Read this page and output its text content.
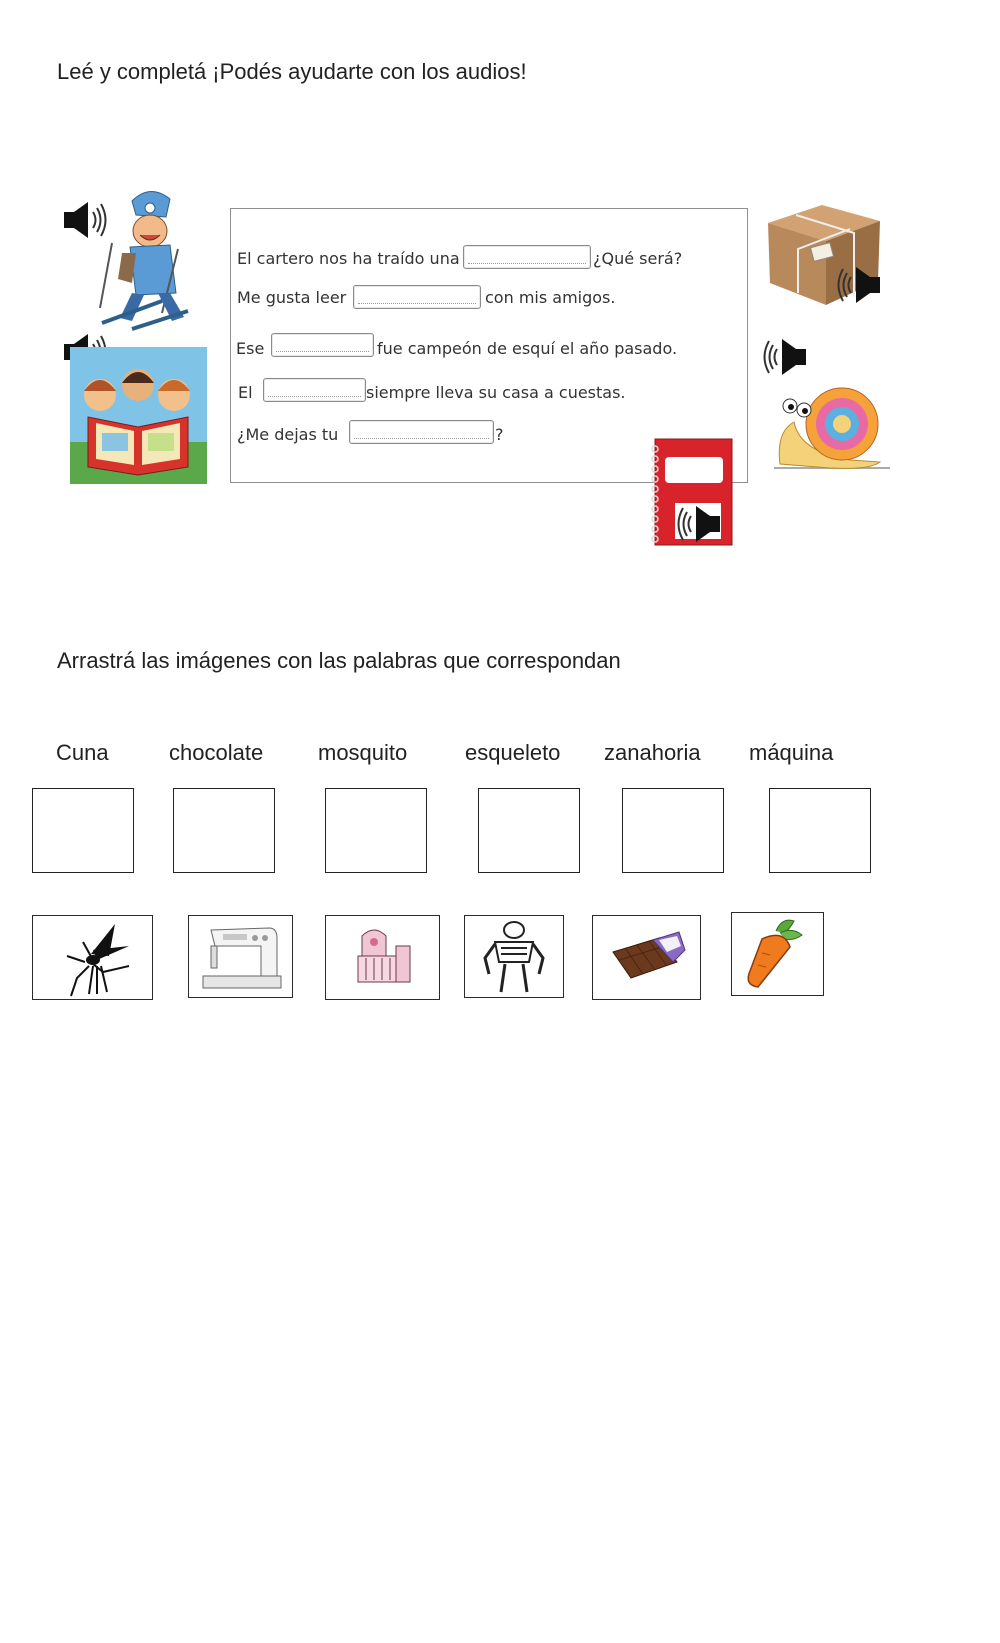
Leé y completá ¡Podés ayudarte con los audios!
El cartero nos ha traído una	¿Qué será?
Me gusta leer	con mis amigos.
Ese	fue campeón de esquí el año pasado.
El	siempre lleva su casa a cuestas.
¿Me dejas tu	?
Arrastrá las imágenes con las palabras que correspondan
Cuna	chocolate mosquito	esqueleto zanahoria máquina
